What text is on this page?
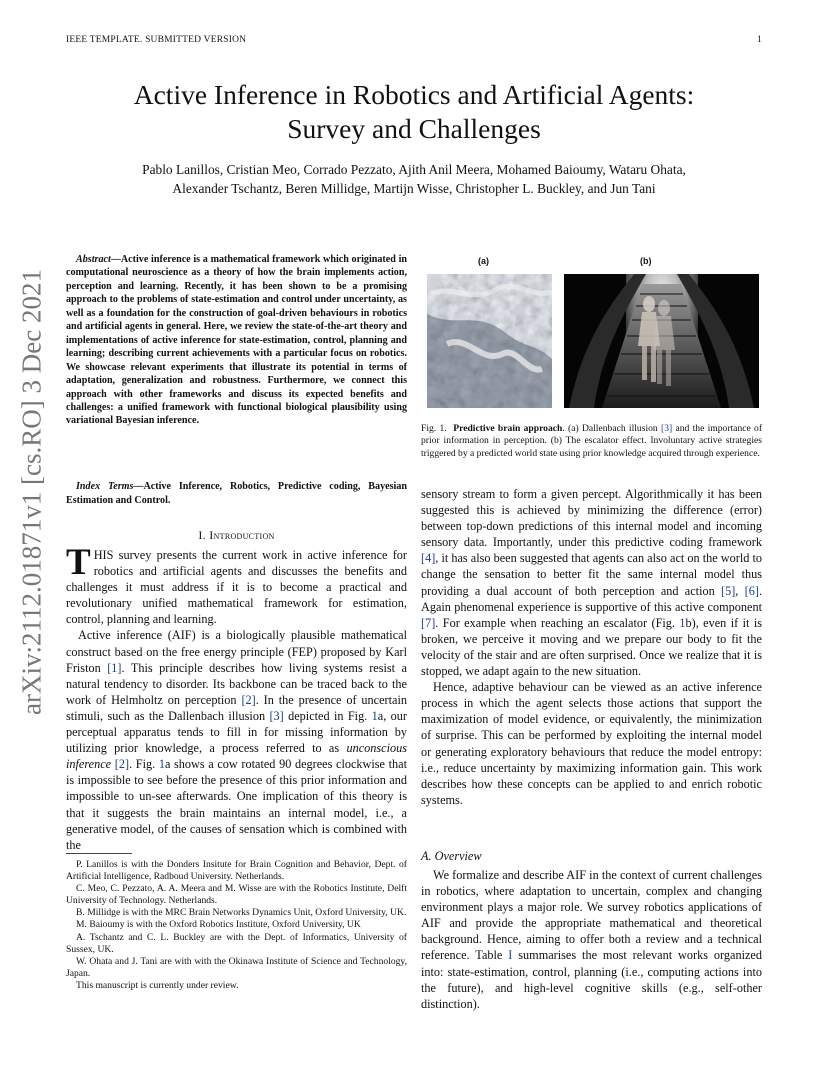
IEEE TEMPLATE. SUBMITTED VERSION	1
Active Inference in Robotics and Artificial Agents:
Survey and Challenges
Pablo Lanillos, Cristian Meo, Corrado Pezzato, Ajith Anil Meera, Mohamed Baioumy, Wataru Ohata,
Alexander Tschantz, Beren Millidge, Martijn Wisse, Christopher L. Buckley, and Jun Tani
arXiv:2112.01871v1 [cs.RO] 3 Dec 2021
Abstract—Active inference is a mathematical framework which originated in computational neuroscience as a theory of how the brain implements action, perception and learning. Recently, it has been shown to be a promising approach to the problems of state-estimation and control under uncertainty, as well as a foundation for the construction of goal-driven behaviours in robotics and artificial agents in general. Here, we review the state-of-the-art theory and implementations of active inference for state-estimation, control, planning and learning; describing current achievements with a particular focus on robotics. We showcase relevant experiments that illustrate its potential in terms of adaptation, generalization and robustness. Furthermore, we connect this approach with other frameworks and discuss its expected benefits and challenges: a unified framework with functional biological plausibility using variational Bayesian inference.
Index Terms—Active Inference, Robotics, Predictive coding, Bayesian Estimation and Control.
I. Introduction

THIS survey presents the current work in active inference for robotics and artificial agents and discusses the benefits and challenges it must address if it is to become a practical and revolutionary unified mathematical framework for estimation, control, planning and learning.

Active inference (AIF) is a biologically plausible mathematical construct based on the free energy principle (FEP) proposed by Karl Friston [1]. This principle describes how living systems resist a natural tendency to disorder. Its backbone can be traced back to the work of Helmholtz on perception [2]. In the presence of uncertain stimuli, such as the Dallenbach illusion [3] depicted in Fig. 1a, our perceptual apparatus tends to fill in for missing information by utilizing prior knowledge, a process referred to as unconscious inference [2]. Fig. 1a shows a cow rotated 90 degrees clockwise that is impossible to see before the presence of this prior information and impossible to un-see afterwards. One implication of this theory is that it suggests the brain maintains an internal model, i.e., a generative model, of the causes of sensation which is combined with the

P. Lanillos is with the Donders Insitute for Brain Cognition and Behavior, Dept. of Artificial Intelligence, Radboud University. Netherlands.

C. Meo, C. Pezzato, A. A. Meera and M. Wisse are with the Robotics Institute, Delft University of Technology. Netherlands.

B. Millidge is with the MRC Brain Networks Dynamics Unit, Oxford University, UK.

M. Baioumy is with the Oxford Robotics Institute, Oxford University, UK

A. Tschantz and C. L. Buckley are with the Dept. of Informatics, University of Sussex, UK.

W. Ohata and J. Tani are with with the Okinawa Institute of Science and Technology, Japan.

This manuscript is currently under review.

(a)	(b)
Fig. 1. Predictive brain approach. (a) Dallenbach illusion [3] and the importance of prior information in perception. (b) The escalator effect. Involuntary active strategies triggered by a predicted world state using prior knowledge acquired through experience.

sensory stream to form a given percept. Algorithmically it has been suggested this is achieved by minimizing the difference (error) between top-down predictions of this internal model and incoming sensory data. Importantly, under this predictive coding framework [4], it has also been suggested that agents can also act on the world to change the sensation to better fit the same internal model thus providing a dual account of both perception and action [5], [6]. Again phenomenal experience is supportive of this active component [7]. For example when reaching an escalator (Fig. 1b), even if it is broken, we perceive it moving and we prepare our body to fit the velocity of the stair and are often surprised. Once we realize that it is stopped, we adapt again to the new situation.

Hence, adaptive behaviour can be viewed as an active inference process in which the agent selects those actions that support the maximization of model evidence, or equivalently, the minimization of surprise. This can be performed by exploiting the internal model or generating exploratory behaviours that reduce the model entropy: i.e., reduce uncertainty by maximizing information gain. This work describes how these concepts can be applied to and enrich robotic systems.

A. Overview

We formalize and describe AIF in the context of current challenges in robotics, where adaptation to uncertain, complex and changing environment plays a major role. We survey robotics applications of AIF and provide the appropriate mathematical and theoretical background. Hence, aiming to offer both a review and a technical reference. Table I summarises the most relevant works organized into: state-estimation, control, planning (i.e., computing actions into the future), and high-level cognitive skills (e.g., self-other distinction).
